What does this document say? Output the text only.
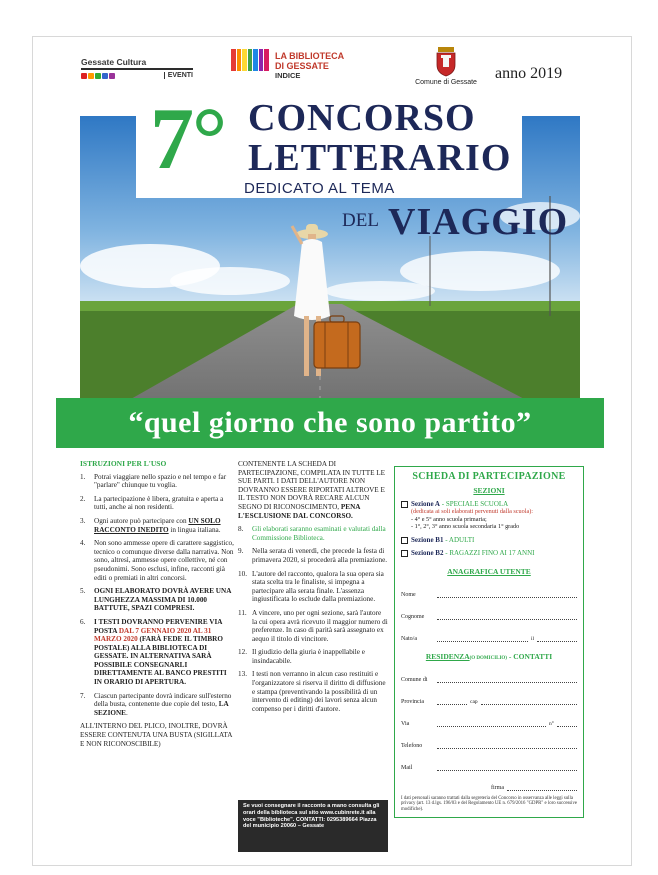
Gessate Cultura
EVENTI
LA BIBLIOTECA
DI GESSATE
INDICE
Comune di Gessate
anno 2019
7° CONCORSO
LETTERARIO
DEDICATO AL TEMA
DEL VIAGGIO
“quel giorno che sono partito”
ISTRUZIONI PER L'USO
1.	Potrai viaggiare nello spazio e nel tempo e far "parlare" chiunque tu voglia.
2.	La partecipazione è libera, gratuita e aperta a tutti, anche ai non residenti.
3.	Ogni autore può partecipare con UN SOLO RACCONTO INEDITO in lingua italiana.
4.	Non sono ammesse opere di carattere saggistico, tecnico o comunque diverse dalla narrativa. Non sono, altresì, ammesse opere collettive, né con pseudonimi. Sono esclusi, infine, racconti già editi o premiati in altri concorsi.
5.	OGNI ELABORATO DOVRÀ AVERE UNA LUNGHEZZA MASSIMA DI 10.000 BATTUTE, SPAZI COMPRESI.
6.	I TESTI DOVRANNO PERVENIRE VIA POSTA DAL 7 GENNAIO 2020 AL 31 MARZO 2020 (FARÀ FEDE IL TIMBRO POSTALE) ALLA BIBLIOTECA DI GESSATE. IN ALTERNATIVA SARÀ POSSIBILE CONSEGNARLI DIRETTAMENTE AL BANCO PRESTITI IN ORARIO DI APERTURA.
7.	Ciascun partecipante dovrà indicare sull'esterno della busta, contenente due copie del testo, LA SEZIONE.
ALL'INTERNO DEL PLICO, INOLTRE, DOVRÀ ESSERE CONTENUTA UNA BUSTA (SIGILLATA E NON RICONOSCIBILE)
CONTENENTE LA SCHEDA DI PARTECIPAZIONE, COMPILATA IN TUTTE LE SUE PARTI. I DATI DELL'AUTORE NON DOVRANNO ESSERE RIPORTATI ALTROVE E IL TESTO NON DOVRÀ RECARE ALCUN SEGNO DI RICONOSCIMENTO, PENA L'ESCLUSIONE DAL CONCORSO.
8.	Gli elaborati saranno esaminati e valutati dalla Commissione Biblioteca.
9.	Nella serata di venerdì, che precede la festa di primavera 2020, si procederà alla premiazione.
10. L'autore del racconto, qualora la sua opera sia stata scelta tra le finaliste, si impegna a partecipare alla serata finale. L'assenza ingiustificata lo esclude dalla premiazione.
11. A vincere, uno per ogni sezione, sarà l'autore la cui opera avrà ricevuto il maggior numero di preferenze. In caso di parità sarà assegnato ex aequo il titolo di vincitore.
12. Il giudizio della giuria è inappellabile e insindacabile.
13. I testi non verranno in alcun caso restituiti e l'organizzatore si riserva il diritto di diffusione e stampa (preventivando la possibilità di un intervento di editing) dei lavori senza alcun compenso per i diritti d'autore.
Se vuoi consegnare il racconto a mano consulta gli orari della biblioteca sul sito www.cubinrete.it alla voce "Biblioteche". CONTATTI: 0295389664 Piazza del municipio 20060 – Gessate
SCHEDA DI PARTECIPAZIONE
SEZIONI
Sezione A - SPECIALE SCUOLA
(dedicata ai soli elaborati pervenuti dalla scuola):
- 4° e 5° anno scuola primaria;
- 1°, 2°, 3° anno scuola secondaria 1° grado
Sezione B1 - ADULTI
Sezione B2 - RAGAZZI FINO AI 17 ANNI
ANAGRAFICA UTENTE
Nome
Cognome
Nato/a	il
RESIDENZA(O DOMICILIO) - CONTATTI
Comune di
Provincia	cap
Via	n°
Telefono
Mail
firma
I dati personali saranno trattati dalla segreteria del Concorso in osservanza alle leggi sulla privacy (art. 13 d.lgs. 196/03 e del Regolamento UE n. 679/2016 "GDPR" e loro successive modifiche).
